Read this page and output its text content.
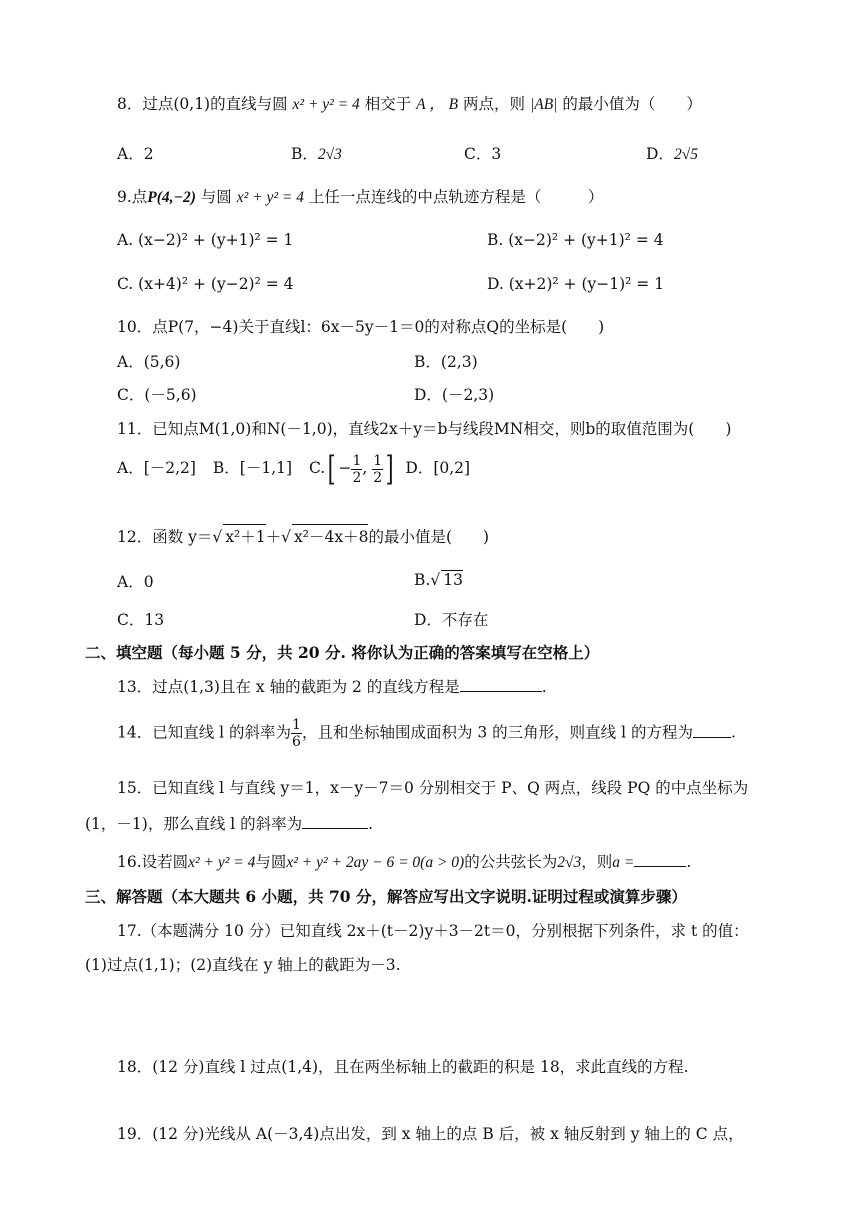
8．过点(0,1)的直线与圆 x² + y² = 4 相交于 A ， B 两点，则 |AB| 的最小值为（　　）
A．2	B．2√3	C．3	D．2√5
9.点P(4,−2) 与圆 x² + y² = 4 上任一点连线的中点轨迹方程是（　　　）
A. (x−2)² + (y+1)² = 1	B. (x−2)² + (y+1)² = 4
C. (x+4)² + (y−2)² = 4	D. (x+2)² + (y−1)² = 1
10．点P(7，−4)关于直线l：6x－5y－1＝0的对称点Q的坐标是(　　)
A．(5,6)	B．(2,3)
C．(－5,6)	D．(－2,3)
11．已知点M(1,0)和N(－1,0)，直线2x＋y＝b与线段MN相交，则b的取值范围为(　　)
A．[－2,2] B．[－1,1] $C.[ - \frac{1}{2}$ , $\frac{1}{2}$ ] D．[0,2]
12．函数 y＝√ x²＋1＋√ x²－4x＋8的最小值是(　　)
A．0	B.√ 13
C．13	D．不存在
二、填空题（每小题 5 分，共 20 分. 将你认为正确的答案填写在空格上）
13．过点(1,3)且在 x 轴的截距为 2 的直线方程是	.
14．已知直线 l 的斜率为 $\frac{1}{6}$ ，且和坐标轴围成面积为 3 的三角形，则直线 l 的方程为 .
15．已知直线 l 与直线 y＝1，x－y－7＝0 分别相交于 P、Q 两点，线段 PQ 的中点坐标为
(1，－1)，那么直线 l 的斜率为	.
16.设若圆x² + y² = 4与圆x² + y² + 2ay − 6 = 0(a > 0)的公共弦长为2√3，则a =	.
三、解答题（本大题共 6 小题，共 70 分，解答应写出文字说明.证明过程或演算步骤）
17.（本题满分 10 分）已知直线 2x＋(t－2)y＋3－2t＝0，分别根据下列条件，求 t 的值：
(1)过点(1,1)；(2)直线在 y 轴上的截距为－3.
18．(12 分)直线 l 过点(1,4)，且在两坐标轴上的截距的积是 18，求此直线的方程.
19．(12 分)光线从 A(－3,4)点出发，到 x 轴上的点 B 后，被 x 轴反射到 y 轴上的 C 点，
